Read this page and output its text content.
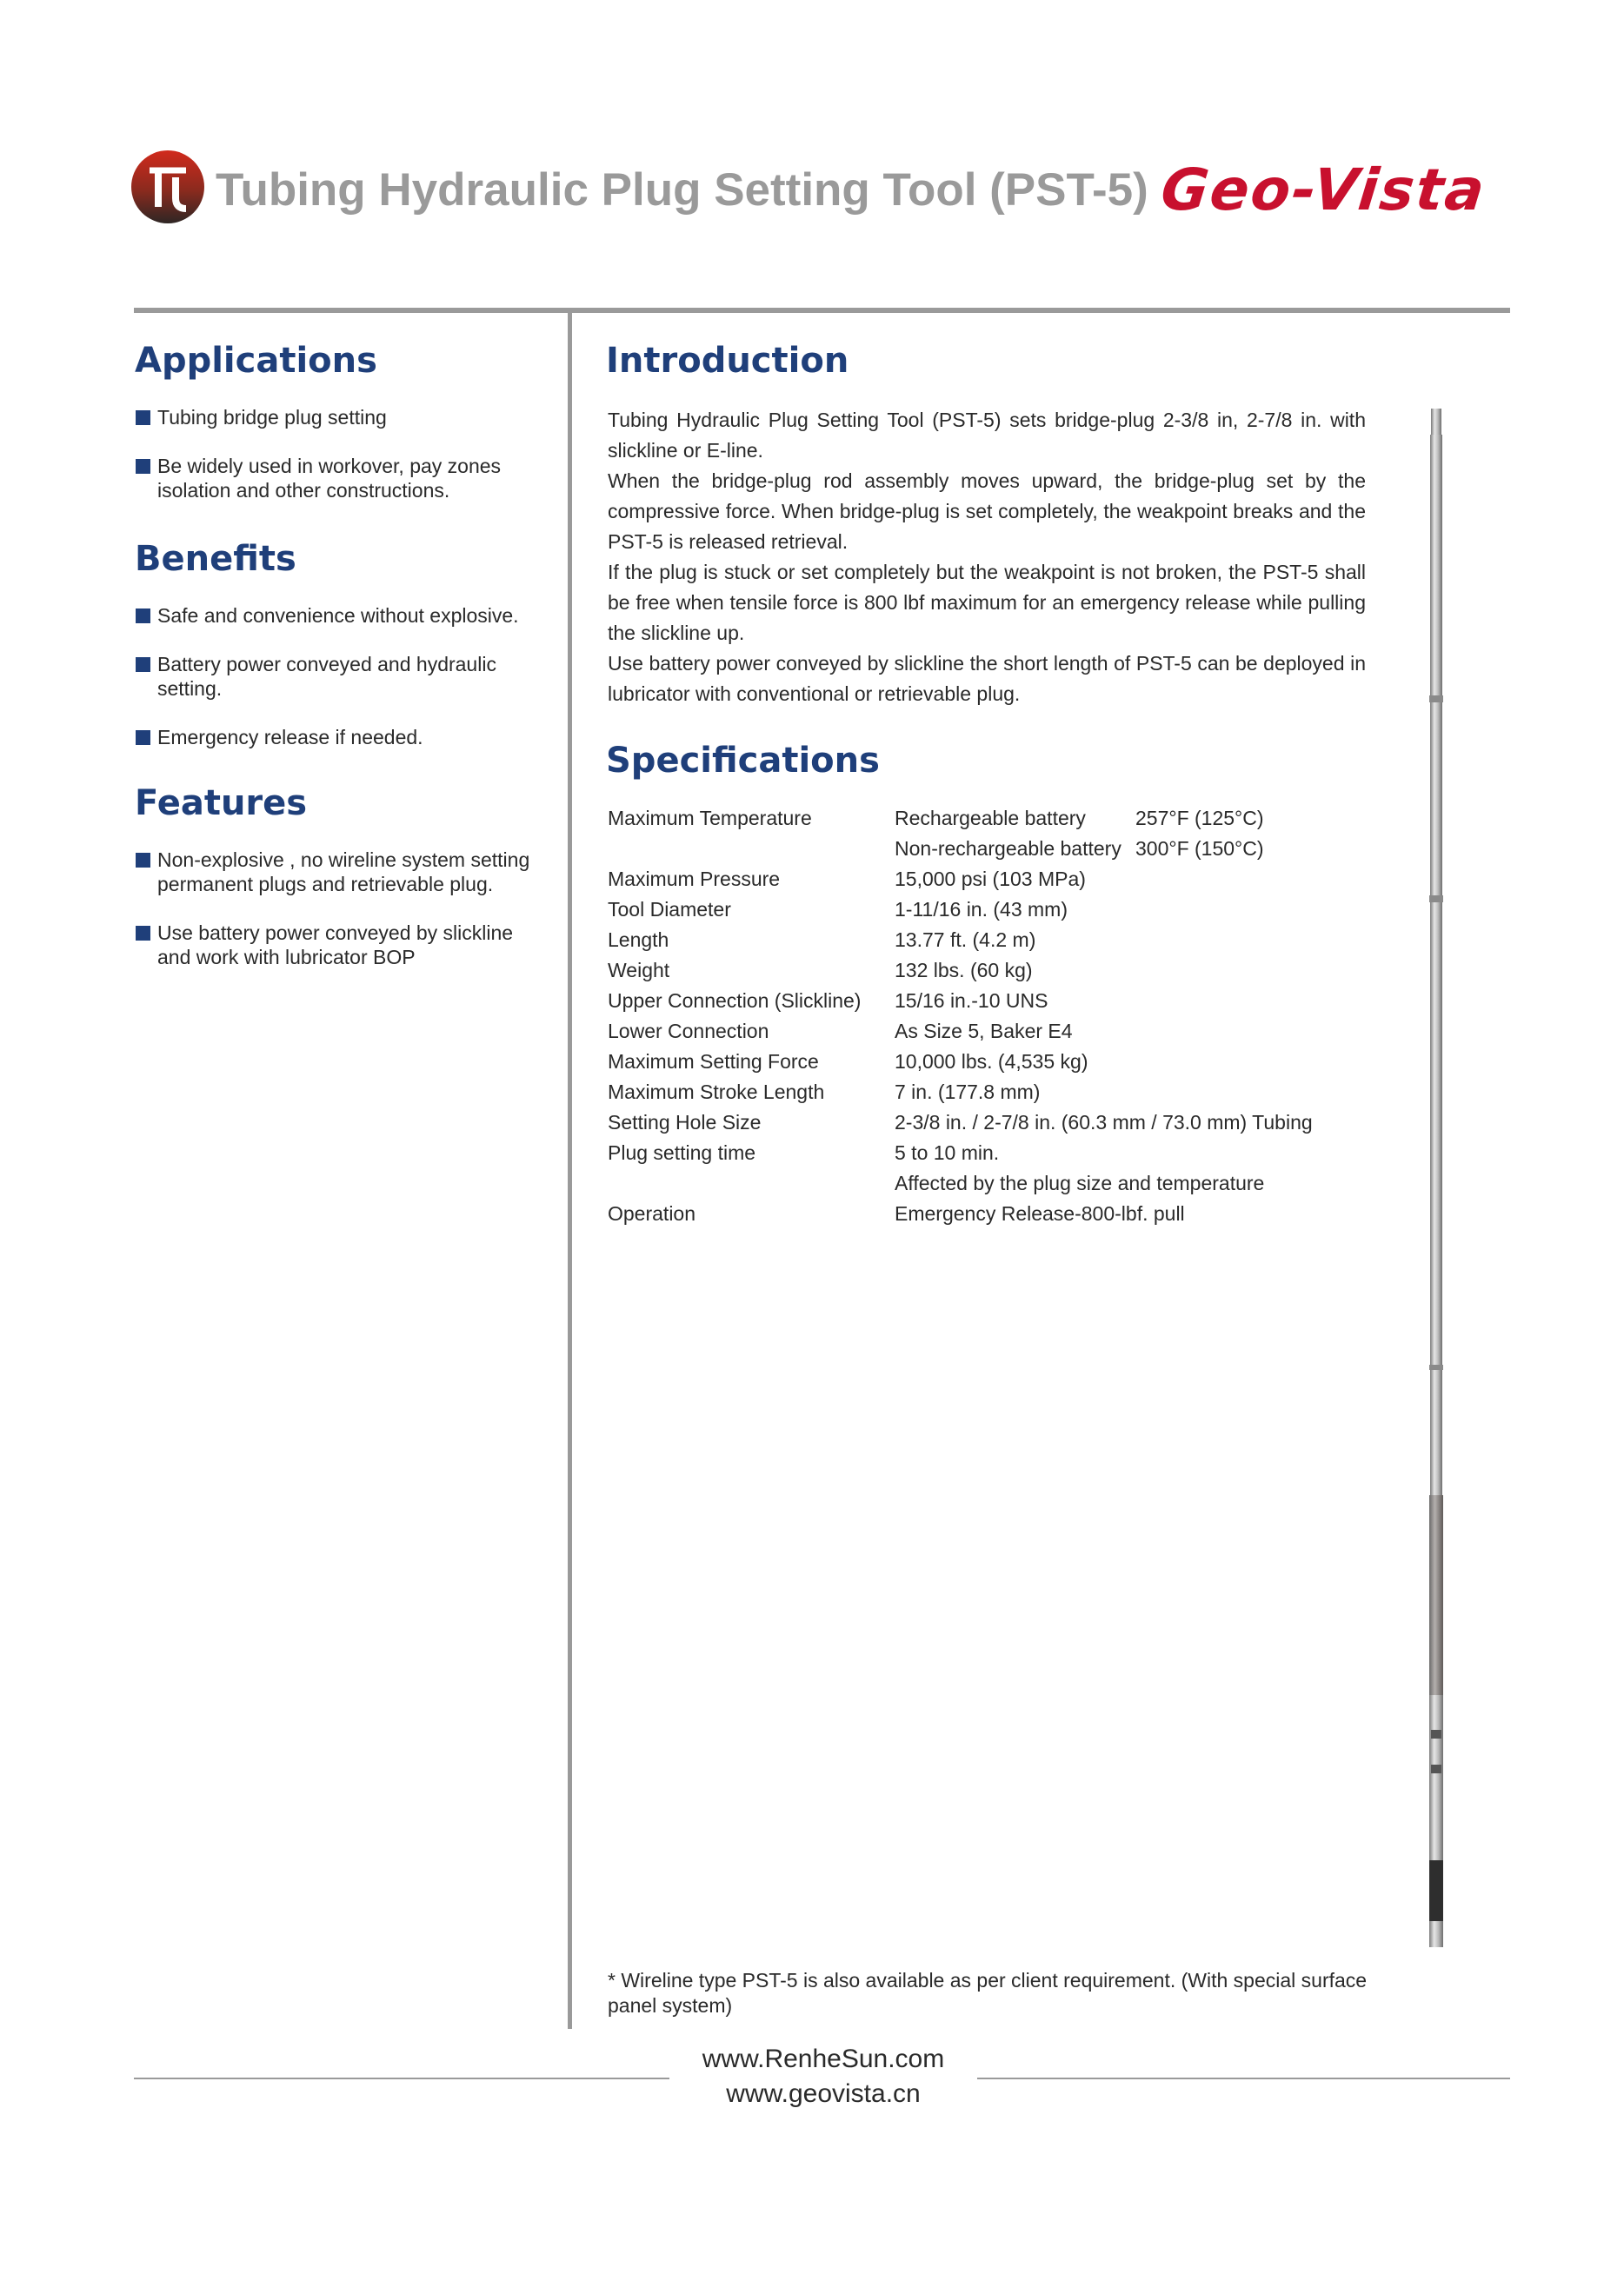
Tubing Hydraulic Plug Setting Tool (PST-5) Geo-Vista
Applications
Tubing bridge plug setting
Be widely used in workover, pay zones isolation and other constructions.
Benefits
Safe and convenience without explosive.
Battery power conveyed and hydraulic setting.
Emergency release if needed.
Features
Non-explosive , no wireline system setting permanent plugs and retrievable plug.
Use battery power conveyed by slickline and work with lubricator BOP
Introduction

Tubing Hydraulic Plug Setting Tool (PST-5) sets bridge-plug 2-3/8 in, 2-7/8 in. with slickline or E-line.

When the bridge-plug rod assembly moves upward, the bridge-plug set by the compressive force. When bridge-plug is set completely, the weakpoint breaks and the PST-5 is released retrieval.

If the plug is stuck or set completely but the weakpoint is not broken, the PST-5 shall be free when tensile force is 800 lbf maximum for an emergency release while pulling the slickline up.

Use battery power conveyed by slickline the short length of PST-5 can be deployed in lubricator with conventional or retrievable plug.

Specifications
Maximum Temperature	Rechargeable battery	257°F (125°C)
	Non-rechargeable battery	300°F (150°C)
Maximum Pressure	15,000 psi (103 MPa)	
Tool Diameter	1-11/16 in. (43 mm)	
Length	13.77 ft. (4.2 m)	
Weight	132 lbs. (60 kg)	
Upper Connection (Slickline)	15/16 in.-10 UNS	
Lower Connection	As Size 5, Baker E4	
Maximum Setting Force	10,000 lbs. (4,535 kg)	
Maximum Stroke Length	7 in. (177.8 mm)	
Setting Hole Size	2-3/8 in. / 2-7/8 in. (60.3 mm / 73.0 mm) Tubing	
Plug setting time	5 to 10 min.	
	Affected by the plug size and temperature	
Operation	Emergency Release-800-lbf. pull	

* Wireline type PST-5 is also available as per client requirement. (With special surface panel system)

www.RenheSun.com
www.geovista.cn
